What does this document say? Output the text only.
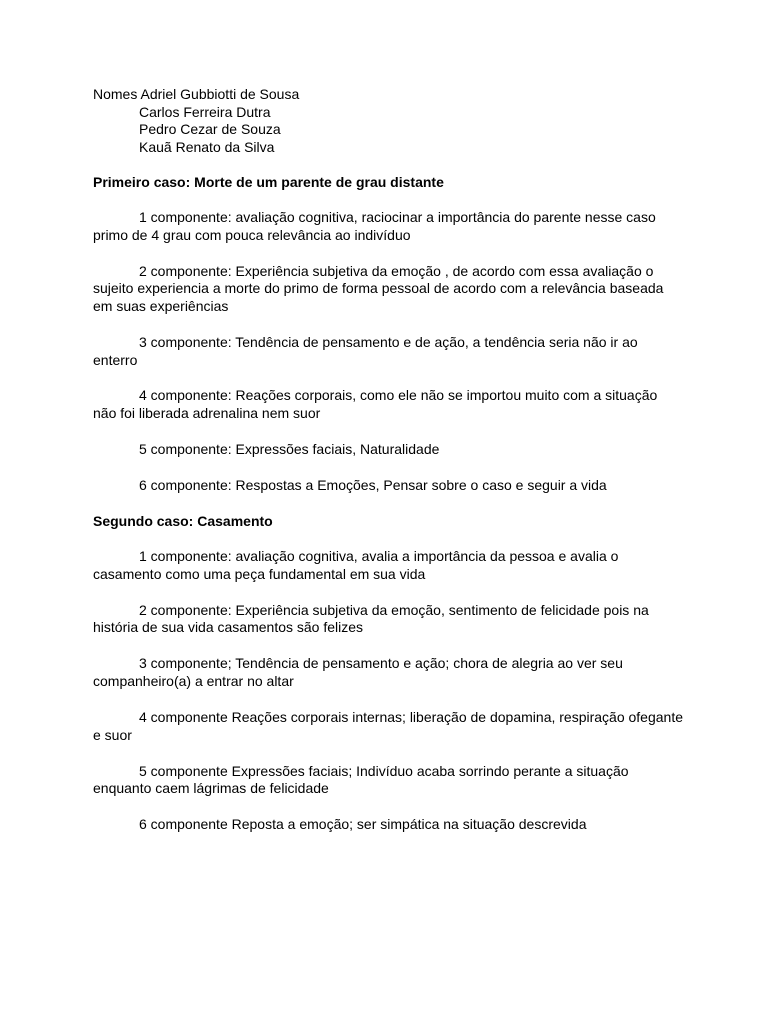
Nomes Adriel Gubbiotti de Sousa

Carlos Ferreira Dutra

Pedro Cezar de Souza

Kauã Renato da Silva

Primeiro caso: Morte de um parente de grau distante

1 componente: avaliação cognitiva, raciocinar a importância do parente nesse caso primo de 4 grau com pouca relevância ao indivíduo

2 componente: Experiência subjetiva da emoção , de acordo com essa avaliação o sujeito experiencia a morte do primo de forma pessoal de acordo com a relevância baseada em suas experiências

3 componente: Tendência de pensamento e de ação, a tendência seria não ir ao enterro

4 componente: Reações corporais, como ele não se importou muito com a situação não foi liberada adrenalina nem suor

5 componente: Expressões faciais, Naturalidade

6 componente: Respostas a Emoções, Pensar sobre o caso e seguir a vida

Segundo caso: Casamento

1 componente: avaliação cognitiva, avalia a importância da pessoa e avalia o casamento como uma peça fundamental em sua vida

2 componente: Experiência subjetiva da emoção, sentimento de felicidade pois na história de sua vida casamentos são felizes

3 componente; Tendência de pensamento e ação; chora de alegria ao ver seu companheiro(a) a entrar no altar

4 componente Reações corporais internas; liberação de dopamina, respiração ofegante e suor

5 componente Expressões faciais; Indivíduo acaba sorrindo perante a situação enquanto caem lágrimas de felicidade

6 componente Reposta a emoção; ser simpática na situação descrevida
